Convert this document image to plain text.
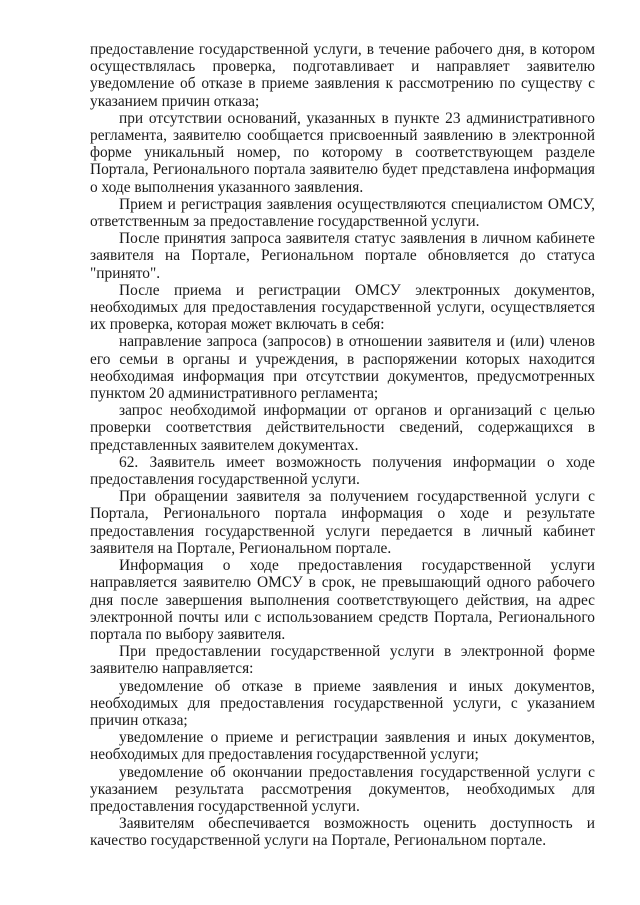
предоставление государственной услуги, в течение рабочего дня, в котором осуществлялась проверка, подготавливает и направляет заявителю уведомление об отказе в приеме заявления к рассмотрению по существу с указанием причин отказа;

при отсутствии оснований, указанных в пункте 23 административного регламента, заявителю сообщается присвоенный заявлению в электронной форме уникальный номер, по которому в соответствующем разделе Портала, Регионального портала заявителю будет представлена информация о ходе выполнения указанного заявления.

Прием и регистрация заявления осуществляются специалистом ОМСУ, ответственным за предоставление государственной услуги.

После принятия запроса заявителя статус заявления в личном кабинете заявителя на Портале, Региональном портале обновляется до статуса "принято".

После приема и регистрации ОМСУ электронных документов, необходимых для предоставления государственной услуги, осуществляется их проверка, которая может включать в себя:

направление запроса (запросов) в отношении заявителя и (или) членов его семьи в органы и учреждения, в распоряжении которых находится необходимая информация при отсутствии документов, предусмотренных пунктом 20 административного регламента;

запрос необходимой информации от органов и организаций с целью проверки соответствия действительности сведений, содержащихся в представленных заявителем документах.

62. Заявитель имеет возможность получения информации о ходе предоставления государственной услуги.

При обращении заявителя за получением государственной услуги с Портала, Регионального портала информация о ходе и результате предоставления государственной услуги передается в личный кабинет заявителя на Портале, Региональном портале.

Информация о ходе предоставления государственной услуги направляется заявителю ОМСУ в срок, не превышающий одного рабочего дня после завершения выполнения соответствующего действия, на адрес электронной почты или с использованием средств Портала, Регионального портала по выбору заявителя.

При предоставлении государственной услуги в электронной форме заявителю направляется:

уведомление об отказе в приеме заявления и иных документов, необходимых для предоставления государственной услуги, с указанием причин отказа;

уведомление о приеме и регистрации заявления и иных документов, необходимых для предоставления государственной услуги;

уведомление об окончании предоставления государственной услуги с указанием результата рассмотрения документов, необходимых для предоставления государственной услуги.

Заявителям обеспечивается возможность оценить доступность и качество государственной услуги на Портале, Региональном портале.
